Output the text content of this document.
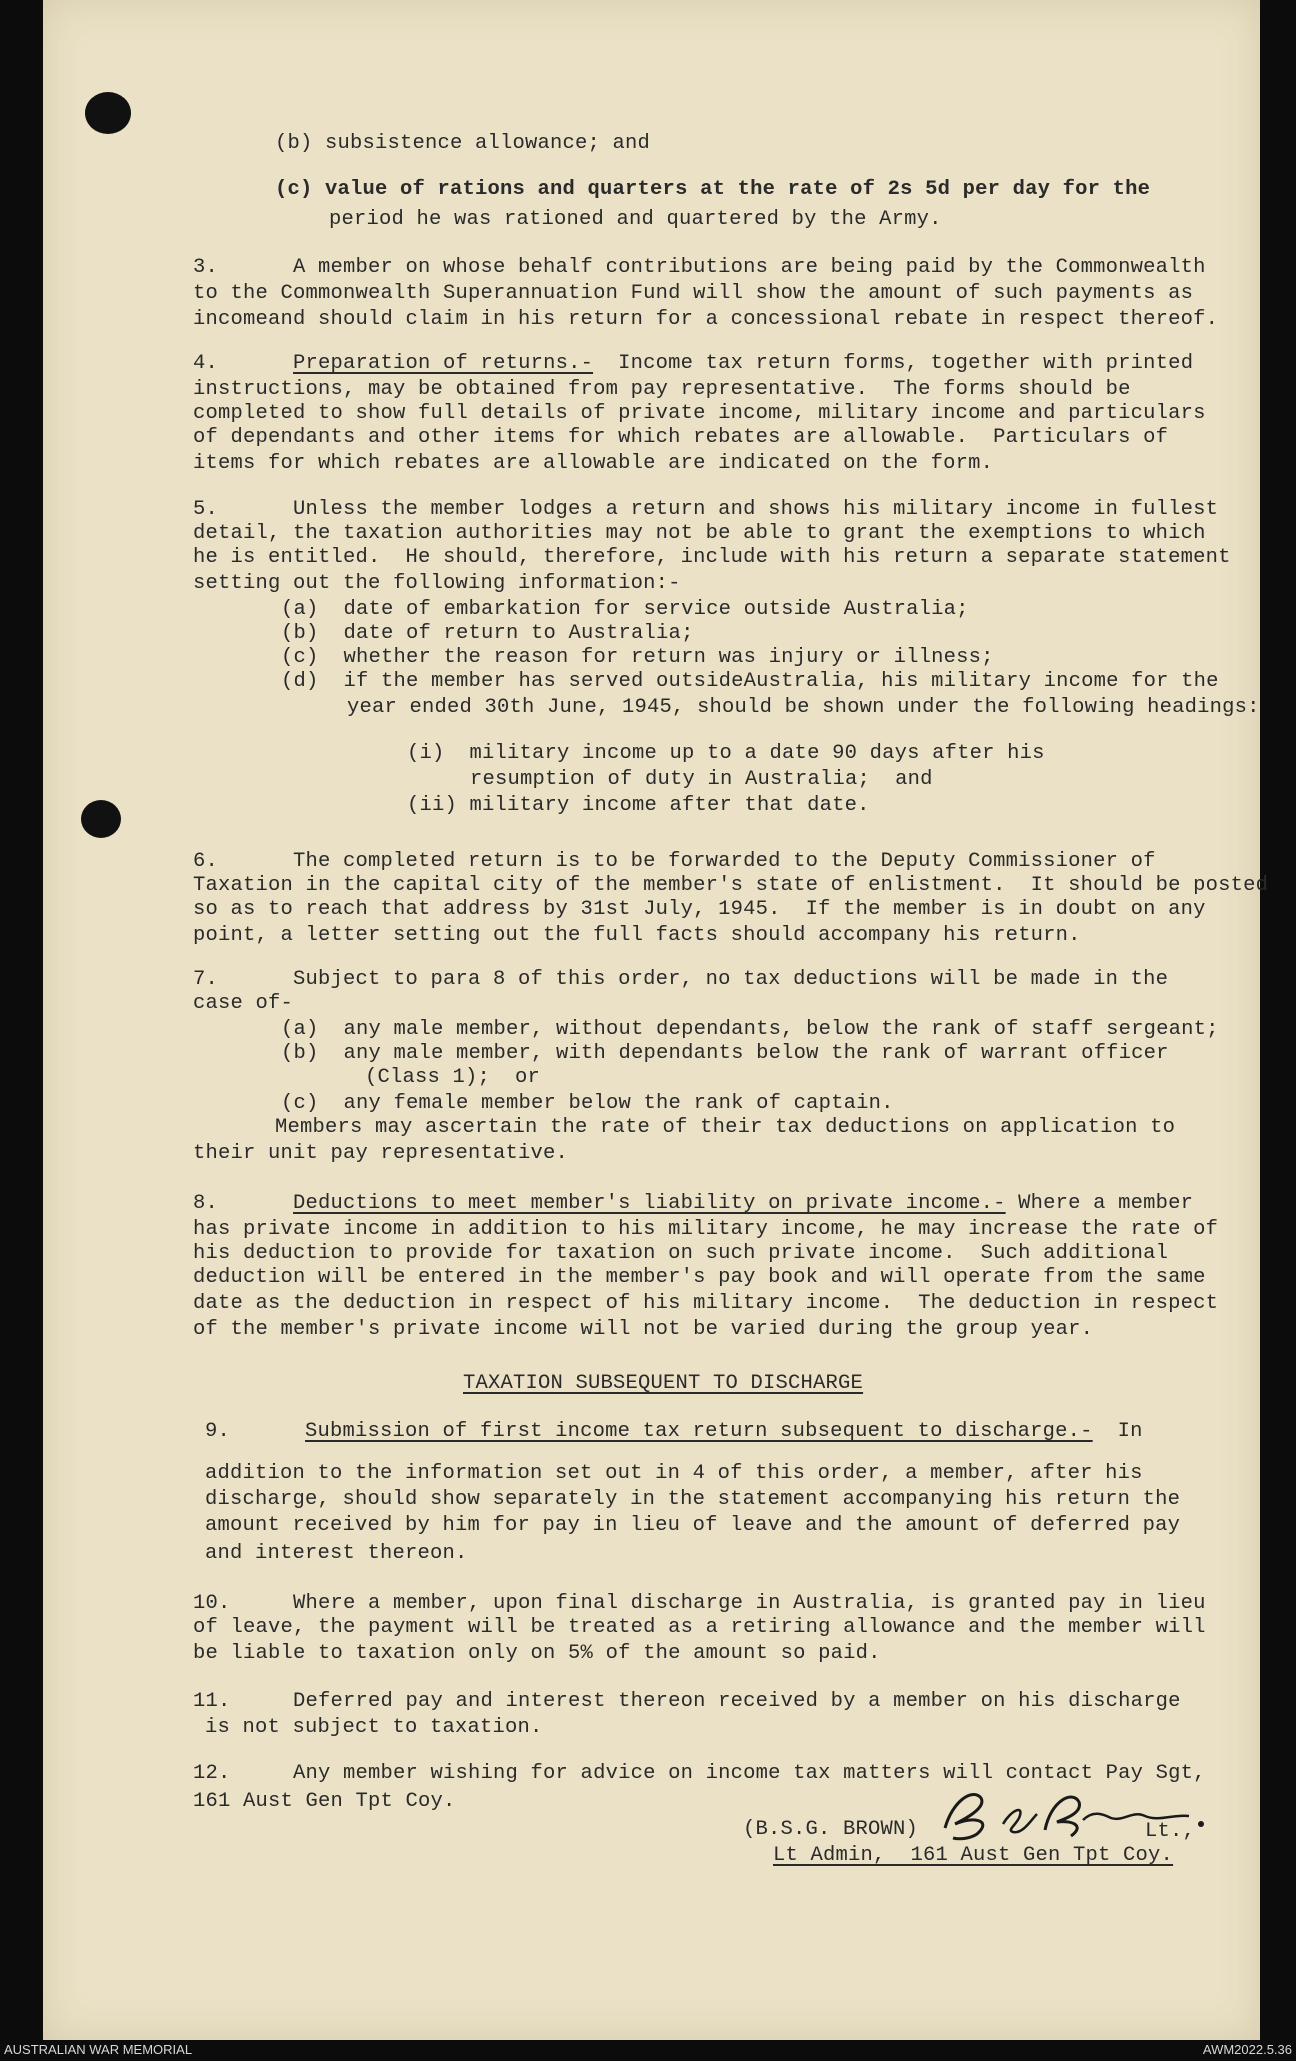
(b) subsistence allowance; and
(c) value of rations and quarters at the rate of 2s 5d per day for the
period he was rationed and quartered by the Army.
3.      A member on whose behalf contributions are being paid by the Commonwealth
to the Commonwealth Superannuation Fund will show the amount of such payments as
incomeand should claim in his return for a concessional rebate in respect thereof.
4.      Preparation of returns.-  Income tax return forms, together with printed
instructions, may be obtained from pay representative.  The forms should be
completed to show full details of private income, military income and particulars
of dependants and other items for which rebates are allowable.  Particulars of
items for which rebates are allowable are indicated on the form.
5.      Unless the member lodges a return and shows his military income in fullest
detail, the taxation authorities may not be able to grant the exemptions to which
he is entitled.  He should, therefore, include with his return a separate statement
setting out the following information:-
(a)  date of embarkation for service outside Australia;
(b)  date of return to Australia;
(c)  whether the reason for return was injury or illness;
(d)  if the member has served outsideAustralia, his military income for the
year ended 30th June, 1945, should be shown under the following headings:
(i)  military income up to a date 90 days after his
resumption of duty in Australia;  and
(ii) military income after that date.
6.      The completed return is to be forwarded to the Deputy Commissioner of
Taxation in the capital city of the member's state of enlistment.  It should be posted
so as to reach that address by 31st July, 1945.  If the member is in doubt on any
point, a letter setting out the full facts should accompany his return.
7.      Subject to para 8 of this order, no tax deductions will be made in the
case of-
(a)  any male member, without dependants, below the rank of staff sergeant;
(b)  any male member, with dependants below the rank of warrant officer
(Class 1);  or
(c)  any female member below the rank of captain.
Members may ascertain the rate of their tax deductions on application to
their unit pay representative.
8.      Deductions to meet member's liability on private income.- Where a member
has private income in addition to his military income, he may increase the rate of
his deduction to provide for taxation on such private income.  Such additional
deduction will be entered in the member's pay book and will operate from the same
date as the deduction in respect of his military income.  The deduction in respect
of the member's private income will not be varied during the group year.
TAXATION SUBSEQUENT TO DISCHARGE
9.      Submission of first income tax return subsequent to discharge.-  In
addition to the information set out in 4 of this order, a member, after his
discharge, should show separately in the statement accompanying his return the
amount received by him for pay in lieu of leave and the amount of deferred pay
and interest thereon.
10.     Where a member, upon final discharge in Australia, is granted pay in lieu
of leave, the payment will be treated as a retiring allowance and the member will
be liable to taxation only on 5% of the amount so paid.
11.     Deferred pay and interest thereon received by a member on his discharge
is not subject to taxation.
12.     Any member wishing for advice on income tax matters will contact Pay Sgt,
161 Aust Gen Tpt Coy.
(B.S.G. BROWN)	Lt.,
Lt Admin,  161 Aust Gen Tpt Coy.
AUSTRALIAN WAR MEMORIAL	AWM2022.5.36
